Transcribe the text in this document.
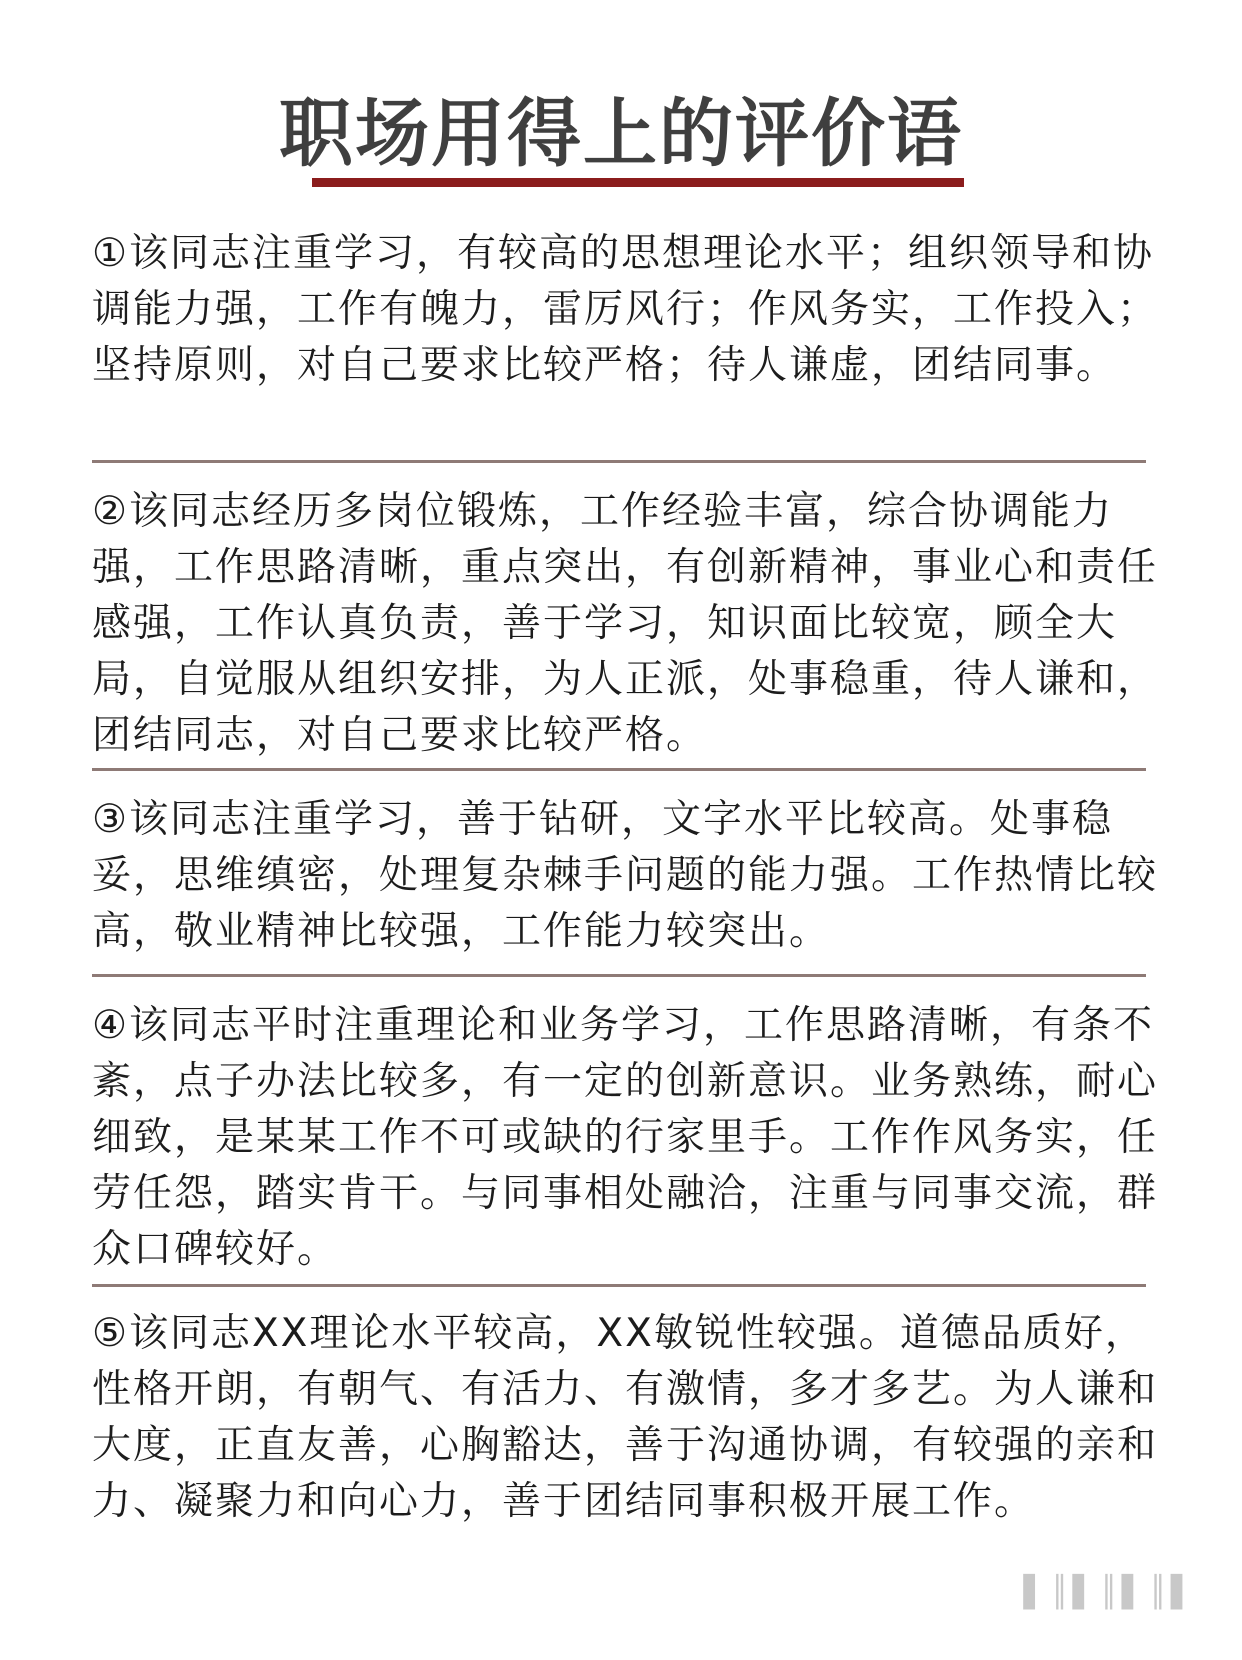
职场用得上的评价语
①该同志注重学习，有较高的思想理论水平；组织领导和协调能力强，工作有魄力，雷厉风行；作风务实，工作投入；坚持原则，对自己要求比较严格；待人谦虚，团结同事。
②该同志经历多岗位锻炼，工作经验丰富，综合协调能力强，工作思路清晰，重点突出，有创新精神，事业心和责任感强，工作认真负责，善于学习，知识面比较宽，顾全大局，自觉服从组织安排，为人正派，处事稳重，待人谦和，团结同志，对自己要求比较严格。
③该同志注重学习，善于钻研，文字水平比较高。处事稳妥，思维缜密，处理复杂棘手问题的能力强。工作热情比较高，敬业精神比较强，工作能力较突出。
④该同志平时注重理论和业务学习，工作思路清晰，有条不紊，点子办法比较多，有一定的创新意识。业务熟练，耐心细致，是某某工作不可或缺的行家里手。工作作风务实，任劳任怨，踏实肯干。与同事相处融洽，注重与同事交流，群众口碑较好。
⑤该同志XX理论水平较高，XX敏锐性较强。道德品质好，性格开朗，有朝气、有活力、有激情，多才多艺。为人谦和大度，正直友善，心胸豁达，善于沟通协调，有较强的亲和力、凝聚力和向心力，善于团结同事积极开展工作。
▌║▌║▌║▌
